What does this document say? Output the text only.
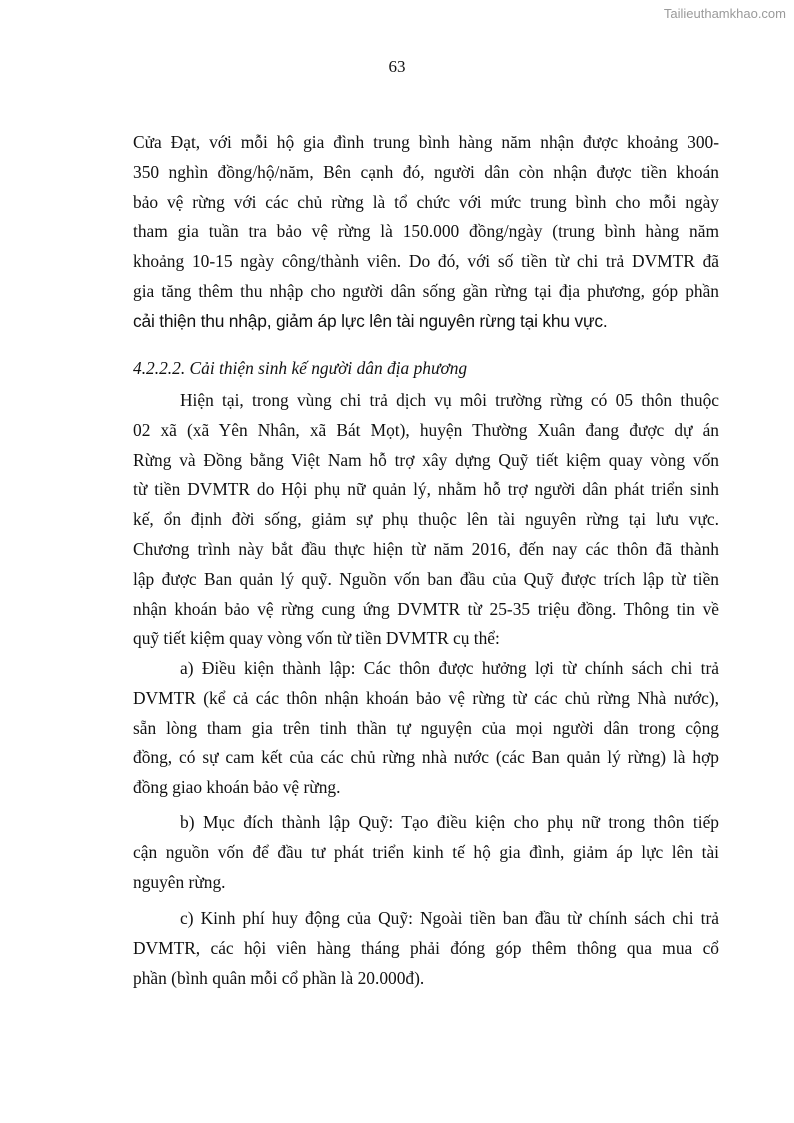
Tailieuthamkhao.com
63
Cửa Đạt, với mỗi hộ gia đình trung bình hàng năm nhận được khoảng 300-
350 nghìn đồng/hộ/năm, Bên cạnh đó, người dân còn nhận được tiền khoán
bảo vệ rừng với các chủ rừng là tổ chức với mức trung bình cho mỗi ngày
tham gia tuần tra bảo vệ rừng là 150.000 đồng/ngày (trung bình hàng năm
khoảng 10-15 ngày công/thành viên. Do đó, với số tiền từ chi trả DVMTR đã
gia tăng thêm thu nhập cho người dân sống gần rừng tại địa phương, góp phần
cải thiện thu nhập, giảm áp lực lên tài nguyên rừng tại khu vực.
4.2.2.2. Cải thiện sinh kế người dân địa phương
Hiện tại, trong vùng chi trả dịch vụ môi trường rừng có 05 thôn thuộc
02 xã (xã Yên Nhân, xã Bát Mọt), huyện Thường Xuân đang được dự án
Rừng và Đồng bằng Việt Nam hỗ trợ xây dựng Quỹ tiết kiệm quay vòng vốn
từ tiền DVMTR do Hội phụ nữ quản lý, nhằm hỗ trợ người dân phát triển sinh
kế, ổn định đời sống, giảm sự phụ thuộc lên tài nguyên rừng tại lưu vực.
Chương trình này bắt đầu thực hiện từ năm 2016, đến nay các thôn đã thành
lập được Ban quản lý quỹ. Nguồn vốn ban đầu của Quỹ được trích lập từ tiền
nhận khoán bảo vệ rừng cung ứng DVMTR từ 25-35 triệu đồng. Thông tin về
quỹ tiết kiệm quay vòng vốn từ tiền DVMTR cụ thể:
a) Điều kiện thành lập: Các thôn được hưởng lợi từ chính sách chi trả
DVMTR (kể cả các thôn nhận khoán bảo vệ rừng từ các chủ rừng Nhà nước),
sẵn lòng tham gia trên tinh thần tự nguyện của mọi người dân trong cộng
đồng, có sự cam kết của các chủ rừng nhà nước (các Ban quản lý rừng) là hợp
đồng giao khoán bảo vệ rừng.
b) Mục đích thành lập Quỹ: Tạo điều kiện cho phụ nữ trong thôn tiếp
cận nguồn vốn để đầu tư phát triển kinh tế hộ gia đình, giảm áp lực lên tài
nguyên rừng.
c) Kinh phí huy động của Quỹ: Ngoài tiền ban đầu từ chính sách chi trả
DVMTR, các hội viên hàng tháng phải đóng góp thêm thông qua mua cổ
phần (bình quân mỗi cổ phần là 20.000đ).
